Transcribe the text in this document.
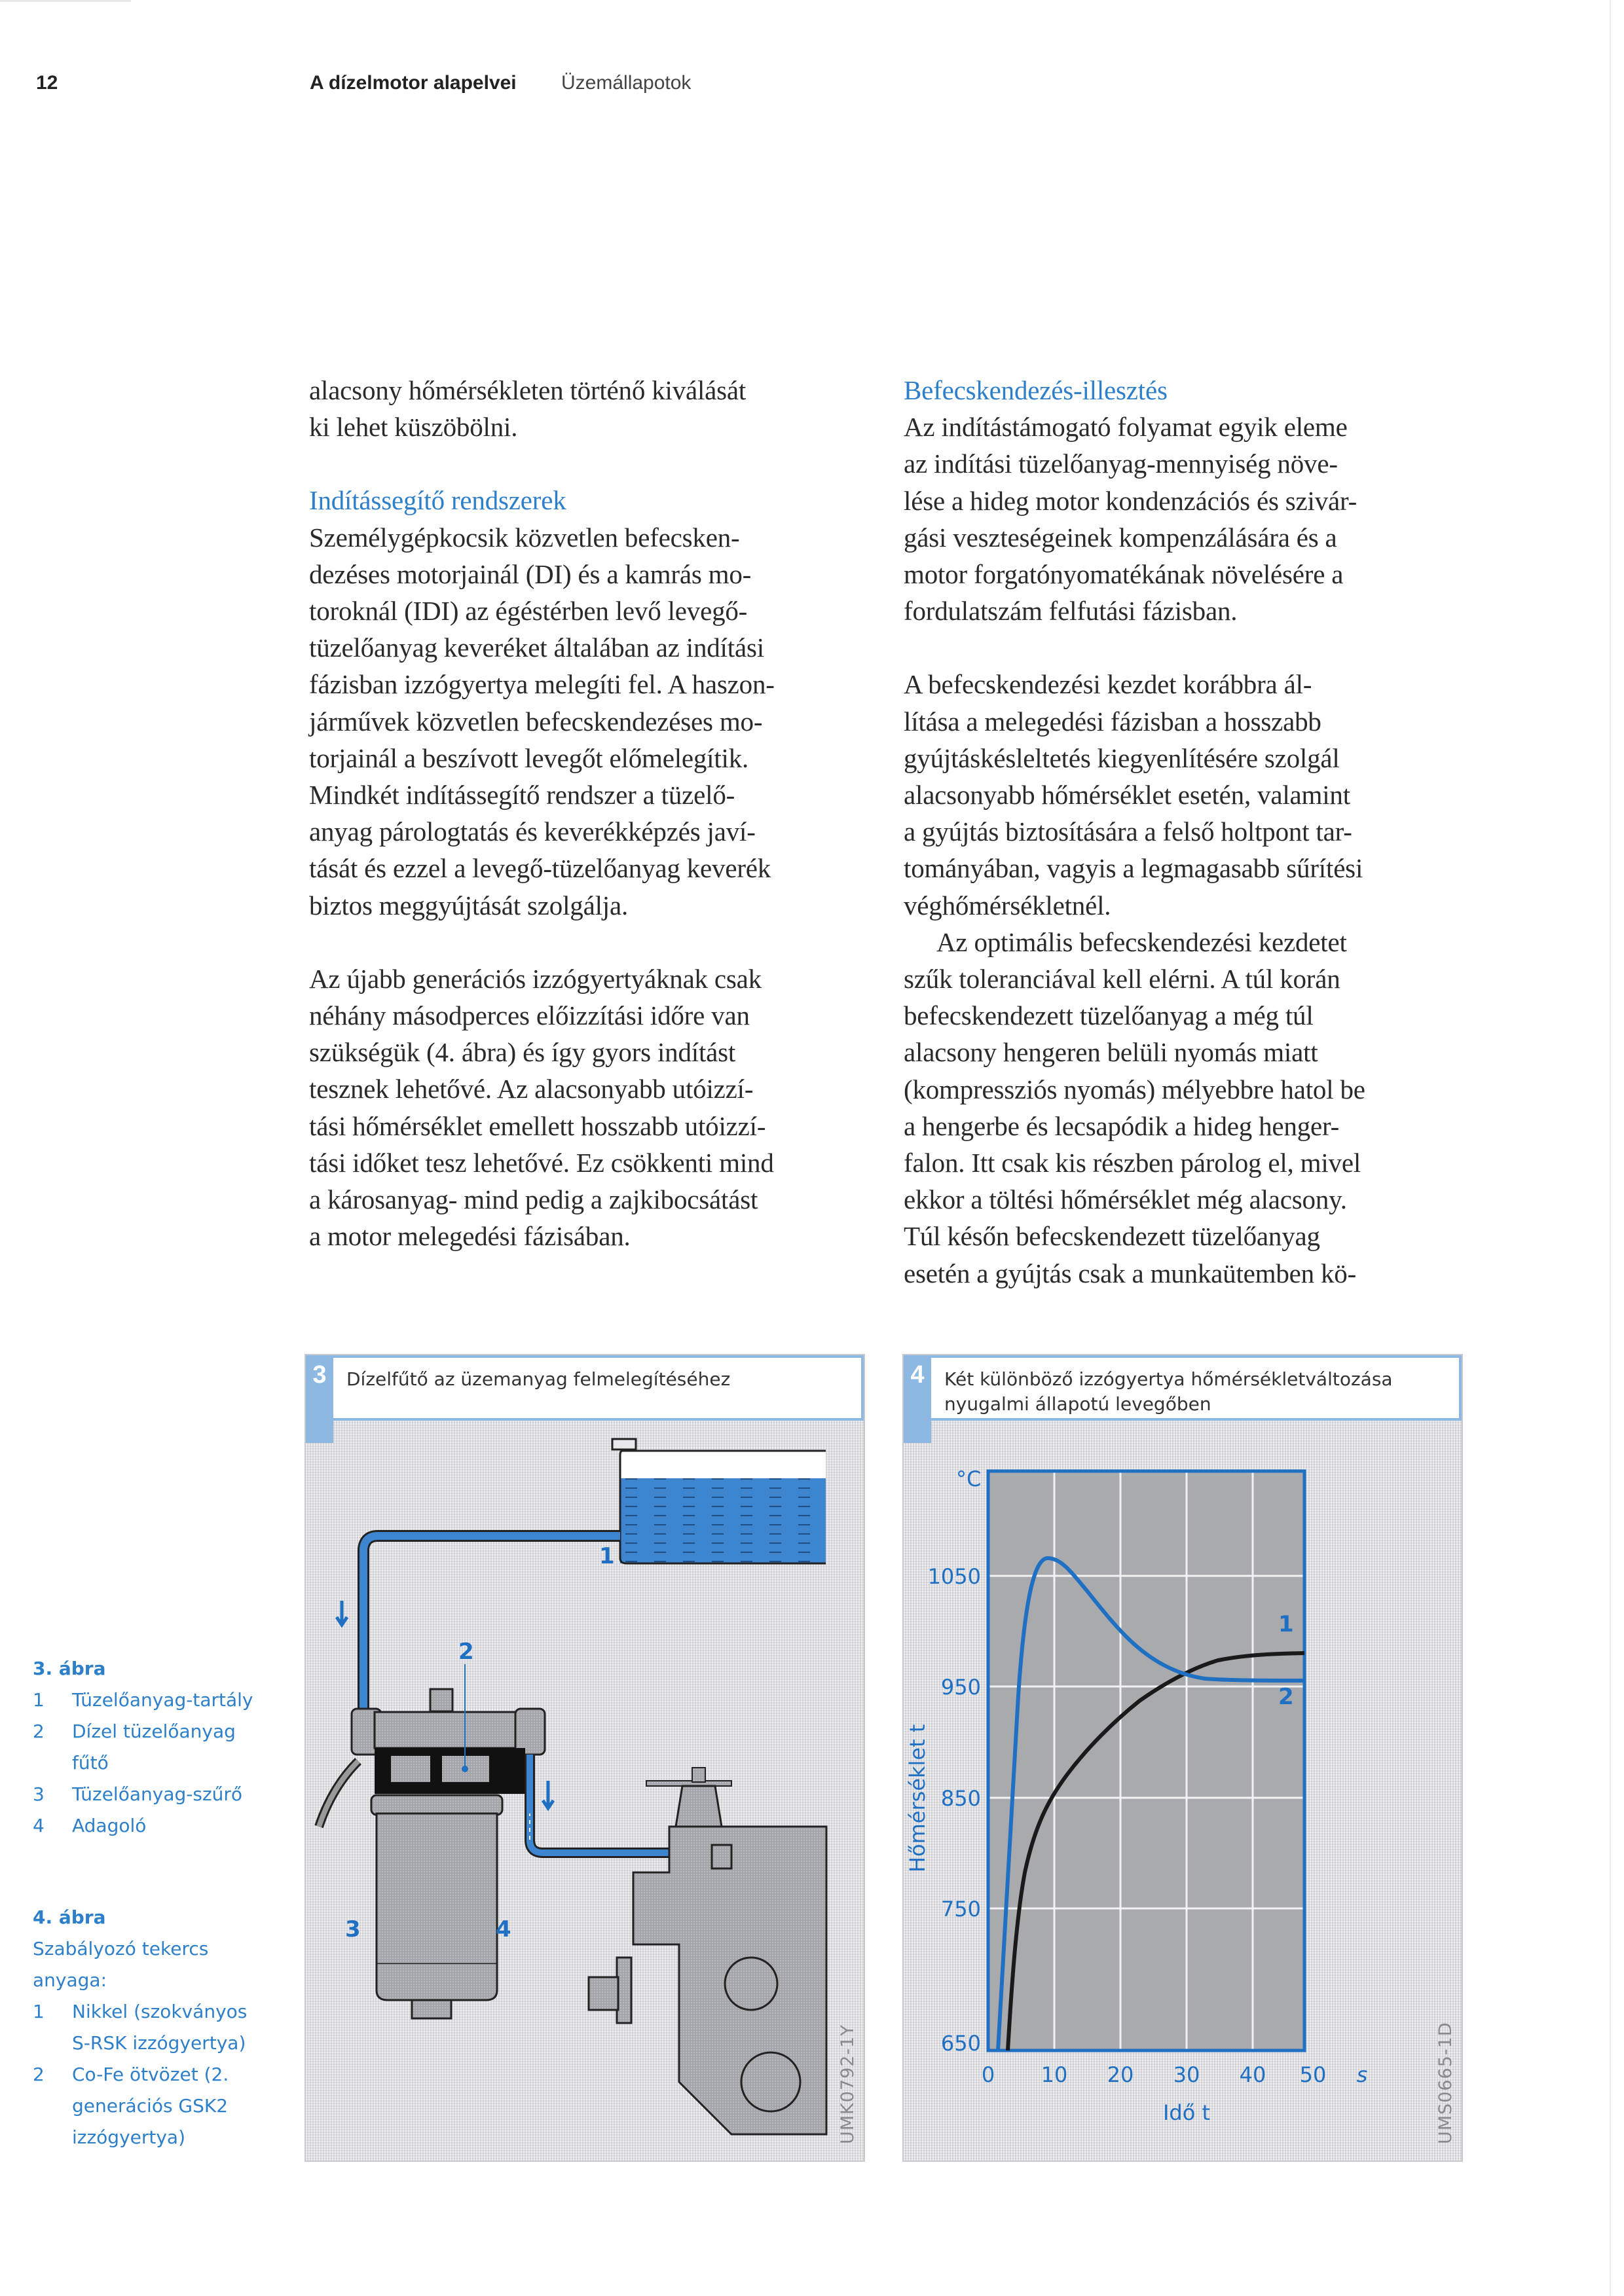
12	A dízelmotor alapelvei Üzemállapotok
alacsony hőmérsékleten történő kiválását
ki lehet küszöbölni.
Indítássegítő rendszerek
Személygépkocsik közvetlen befecsken-
dezéses motorjainál (DI) és a kamrás mo-
toroknál (IDI) az égéstérben levő levegő-
tüzelőanyag keveréket általában az indítási
fázisban izzógyertya melegíti fel. A haszon-
járművek közvetlen befecskendezéses mo-
torjainál a beszívott levegőt előmelegítik.
Mindkét indítássegítő rendszer a tüzelő-
anyag párologtatás és keverékképzés javí-
tását és ezzel a levegő-tüzelőanyag keverék
biztos meggyújtását szolgálja.
Az újabb generációs izzógyertyáknak csak
néhány másodperces előizzítási időre van
szükségük (4. ábra) és így gyors indítást
tesznek lehetővé. Az alacsonyabb utóizzí-
tási hőmérséklet emellett hosszabb utóizzí-
tási időket tesz lehetővé. Ez csökkenti mind
a károsanyag- mind pedig a zajkibocsátást
a motor melegedési fázisában.
Befecskendezés-illesztés
Az indítástámogató folyamat egyik eleme
az indítási tüzelőanyag-mennyiség növe-
lése a hideg motor kondenzációs és szivár-
gási veszteségeinek kompenzálására és a
motor forgatónyomatékának növelésére a
fordulatszám felfutási fázisban.
A befecskendezési kezdet korábbra ál-
lítása a melegedési fázisban a hosszabb
gyújtáskésleltetés kiegyenlítésére szolgál
alacsonyabb hőmérséklet esetén, valamint
a gyújtás biztosítására a felső holtpont tar-
tományában, vagyis a legmagasabb sűrítési
véghőmérsékletnél.
Az optimális befecskendezési kezdetet
szűk toleranciával kell elérni. A túl korán
befecskendezett tüzelőanyag a még túl
alacsony hengeren belüli nyomás miatt
(kompressziós nyomás) mélyebbre hatol be
a hengerbe és lecsapódik a hideg henger-
falon. Itt csak kis részben párolog el, mivel
ekkor a töltési hőmérséklet még alacsony.
Túl későn befecskendezett tüzelőanyag
esetén a gyújtás csak a munkaütemben kö-
3. ábra
1	Tüzelőanyag-tartály
2	Dízel tüzelőanyag fűtő
3	Tüzelőanyag-szűrő
4	Adagoló
4. ábra
Szabályozó tekercs anyaga:
1	Nikkel (szokványos S-RSK izzógyertya)
2	Co-Fe ötvözet (2. generációs GSK2 izzógyertya)
Dízelfűtő az üzemanyag felmelegítéséhez
3
1
2
3	4
UMK0792-1Y
Két különböző izzógyertya hőmérsékletváltozása
nyugalmi állapotú levegőben
4
1
2
°C
1050
950
850
750
650
Hőmérséklet t
0 10 20 30 40 50 s
Idő t	UMS0665-1D
